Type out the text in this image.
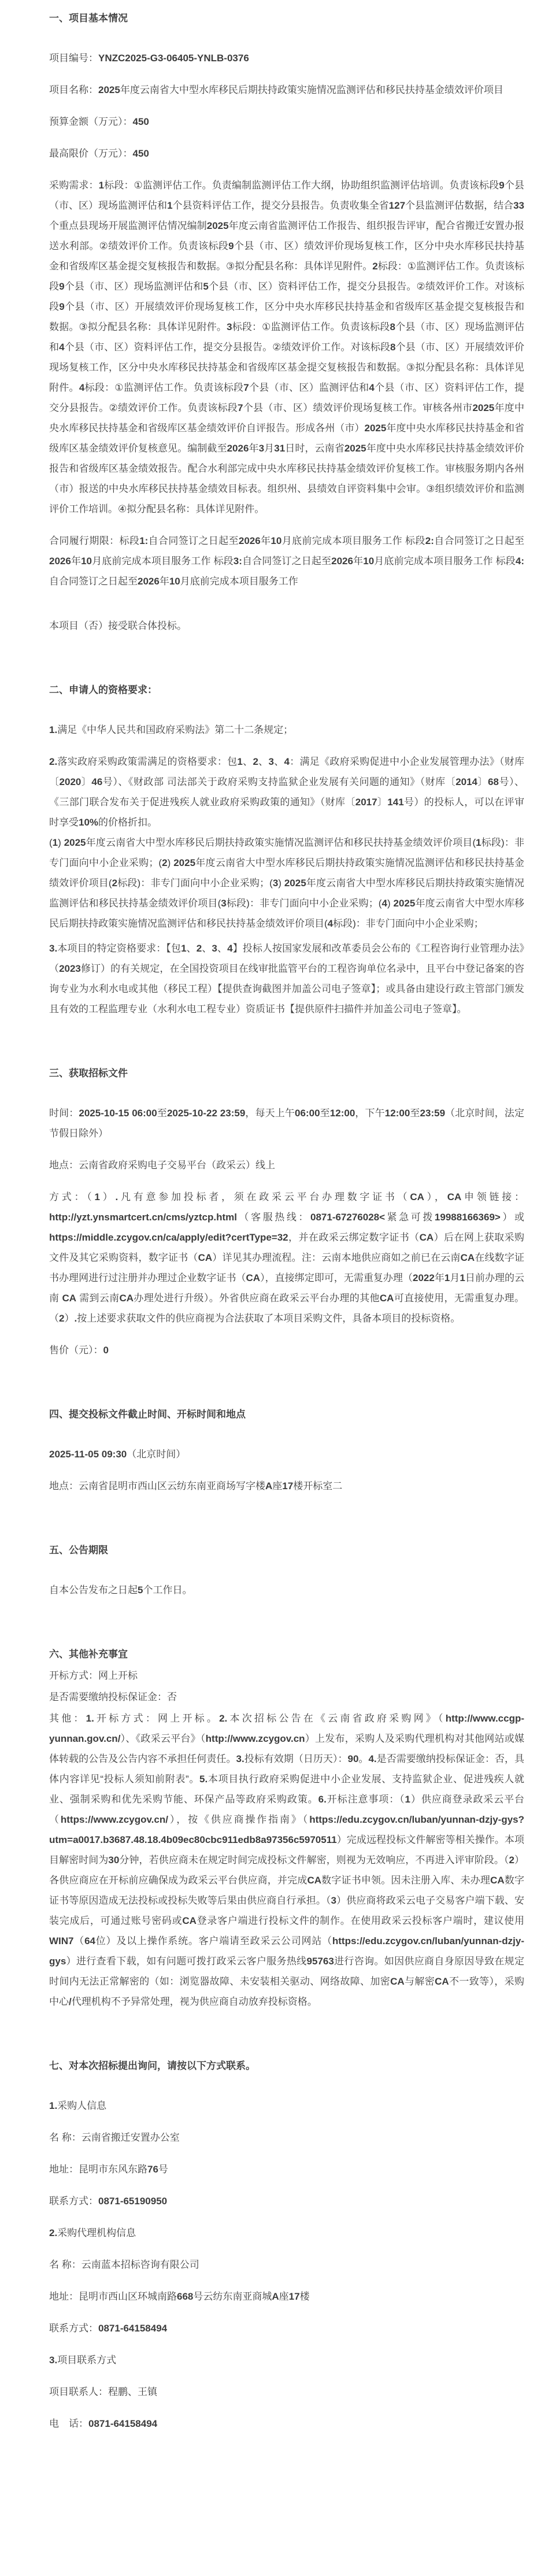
一、项目基本情况

项目编号：YNZC2025-G3-06405-YNLB-0376

项目名称：2025年度云南省大中型水库移民后期扶持政策实施情况监测评估和移民扶持基金绩效评价项目

预算金额（万元）：450

最高限价（万元）：450

采购需求：1标段：①监测评估工作。负责编制监测评估工作大纲，协助组织监测评估培训。负责该标段9个县（市、区）现场监测评估和1个县资料评估工作，提交分县报告。负责收集全省127个县监测评估数据，结合33个重点县现场开展监测评估情况编制2025年度云南省监测评估工作报告、组织报告评审，配合省搬迁安置办报送水利部。②绩效评价工作。负责该标段9个县（市、区）绩效评价现场复核工作，区分中央水库移民扶持基金和省级库区基金提交复核报告和数据。③拟分配县名称：具体详见附件。2标段：①监测评估工作。负责该标段9个县（市、区）现场监测评估和5个县（市、区）资料评估工作，提交分县报告。②绩效评价工作。对该标段9个县（市、区）开展绩效评价现场复核工作，区分中央水库移民扶持基金和省级库区基金提交复核报告和数据。③拟分配县名称：具体详见附件。3标段：①监测评估工作。负责该标段8个县（市、区）现场监测评估和4个县（市、区）资料评估工作，提交分县报告。②绩效评价工作。对该标段8个县（市、区）开展绩效评价现场复核工作，区分中央水库移民扶持基金和省级库区基金提交复核报告和数据。③拟分配县名称：具体详见附件。4标段：①监测评估工作。负责该标段7个县（市、区）监测评估和4个县（市、区）资料评估工作，提交分县报告。②绩效评价工作。负责该标段7个县（市、区）绩效评价现场复核工作。审核各州市2025年度中央水库移民扶持基金和省级库区基金绩效评价自评报告。形成各州（市）2025年度中央水库移民扶持基金和省级库区基金绩效评价复核意见。编制截至2026年3月31日时，云南省2025年度中央水库移民扶持基金绩效评价报告和省级库区基金绩效报告。配合水利部完成中央水库移民扶持基金绩效评价复核工作。审核服务期内各州（市）报送的中央水库移民扶持基金绩效目标表。组织州、县绩效自评资料集中会审。③组织绩效评价和监测评价工作培训。④拟分配县名称：具体详见附件。

合同履行期限：标段1:自合同签订之日起至2026年10月底前完成本项目服务工作 标段2:自合同签订之日起至2026年10月底前完成本项目服务工作 标段3:自合同签订之日起至2026年10月底前完成本项目服务工作 标段4:自合同签订之日起至2026年10月底前完成本项目服务工作

本项目（否）接受联合体投标。

二、申请人的资格要求：

1.满足《中华人民共和国政府采购法》第二十二条规定；

2.落实政府采购政策需满足的资格要求：包1、2、3、4：满足《政府采购促进中小企业发展管理办法》（财库〔2020〕46号）、《财政部 司法部关于政府采购支持监狱企业发展有关问题的通知》（财库〔2014〕68号）、《三部门联合发布关于促进残疾人就业政府采购政策的通知》（财库〔2017〕141号）的投标人，可以在评审时享受10%的价格折扣。

(1) 2025年度云南省大中型水库移民后期扶持政策实施情况监测评估和移民扶持基金绩效评价项目(1标段)：非专门面向中小企业采购；(2) 2025年度云南省大中型水库移民后期扶持政策实施情况监测评估和移民扶持基金绩效评价项目(2标段)：非专门面向中小企业采购；(3) 2025年度云南省大中型水库移民后期扶持政策实施情况监测评估和移民扶持基金绩效评价项目(3标段)：非专门面向中小企业采购；(4) 2025年度云南省大中型水库移民后期扶持政策实施情况监测评估和移民扶持基金绩效评价项目(4标段)：非专门面向中小企业采购；

3.本项目的特定资格要求：【包1、2、3、4】投标人按国家发展和改革委员会公布的《工程咨询行业管理办法》（2023修订）的有关规定，在全国投资项目在线审批监管平台的工程咨询单位名录中，且平台中登记备案的咨询专业为水利水电或其他（移民工程）【提供查询截图并加盖公司电子签章】；或具备由建设行政主管部门颁发且有效的工程监理专业（水利水电工程专业）资质证书【提供原件扫描件并加盖公司电子签章】。

三、获取招标文件

时间：2025-10-15 06:00至2025-10-22 23:59，每天上午06:00至12:00，下午12:00至23:59（北京时间，法定节假日除外）

地点：云南省政府采购电子交易平台（政采云）线上

方式：（1）.凡有意参加投标者，须在政采云平台办理数字证书（CA），CA申领链接：http://yzt.ynsmartcert.cn/cms/yztcp.html（客服热线：0871-67276028<紧急可拨19988166369>）或https://middle.zcygov.cn/ca/apply/edit?certType=32，并在政采云绑定数字证书（CA）后在网上获取采购文件及其它采购资料，数字证书（CA）详见其办理流程。注：云南本地供应商如之前已在云南CA在线数字证书办理网进行过注册并办理过企业数字证书（CA），直接绑定即可，无需重复办理（2022年1月1日前办理的云南 CA 需到云南CA办理处进行升级）。外省供应商在政采云平台办理的其他CA可直接使用，无需重复办理。（2）.按上述要求获取文件的供应商视为合法获取了本项目采购文件，具备本项目的投标资格。

售价（元）：0

四、提交投标文件截止时间、开标时间和地点

2025-11-05 09:30（北京时间）

地点：云南省昆明市西山区云纺东南亚商场写字楼A座17楼开标室二

五、公告期限

自本公告发布之日起5个工作日。

六、其他补充事宜

开标方式：网上开标

是否需要缴纳投标保证金：否

其他：1.开标方式：网上开标。2.本次招标公告在《云南省政府采购网》（http://www.ccgp-yunnan.gov.cn/）、《政采云平台》（http://www.zcygov.cn）上发布，采购人及采购代理机构对其他网站或媒体转载的公告及公告内容不承担任何责任。3.投标有效期（日历天）：90。4.是否需要缴纳投标保证金：否，具体内容详见“投标人须知前附表”。5.本项目执行政府采购促进中小企业发展、支持监狱企业、促进残疾人就业、强制采购和优先采购节能、环保产品等政府采购政策。6.开标注意事项：（1）供应商登录政采云平台（https://www.zcygov.cn/），按《供应商操作指南》（https://edu.zcygov.cn/luban/yunnan-dzjy-gys?utm=a0017.b3687.48.18.4b09ec80cbc911edb8a97356c5970511）完成远程投标文件解密等相关操作。本项目解密时间为30分钟，若供应商未在规定时间完成投标文件解密，则视为无效响应，不再进入评审阶段。（2）各供应商应在开标前应确保成为政采云平台供应商，并完成CA数字证书申领。因未注册入库、未办理CA数字证书等原因造成无法投标或投标失败等后果由供应商自行承担。（3）供应商将政采云电子交易客户端下载、安装完成后，可通过账号密码或CA登录客户端进行投标文件的制作。在使用政采云投标客户端时，建议使用WIN7（64位）及以上操作系统。客户端请至政采云公司网站（https://edu.zcygov.cn/luban/yunnan-dzjy-gys）进行查看下载，如有问题可拨打政采云客户服务热线95763进行咨询。如因供应商自身原因导致在规定时间内无法正常解密的（如：浏览器故障、未安装相关驱动、网络故障、加密CA与解密CA不一致等），采购中心/代理机构不予异常处理，视为供应商自动放弃投标资格。

七、对本次招标提出询问，请按以下方式联系。
1.采购人信息

名 称：云南省搬迁安置办公室

地址：昆明市东风东路76号

联系方式：0871-65190950

2.采购代理机构信息

名 称：云南蓝本招标咨询有限公司

地址：昆明市西山区环城南路668号云纺东南亚商城A座17楼

联系方式：0871-64158494

3.项目联系方式

项目联系人：程鹏、王镇

电　话：0871-64158494
